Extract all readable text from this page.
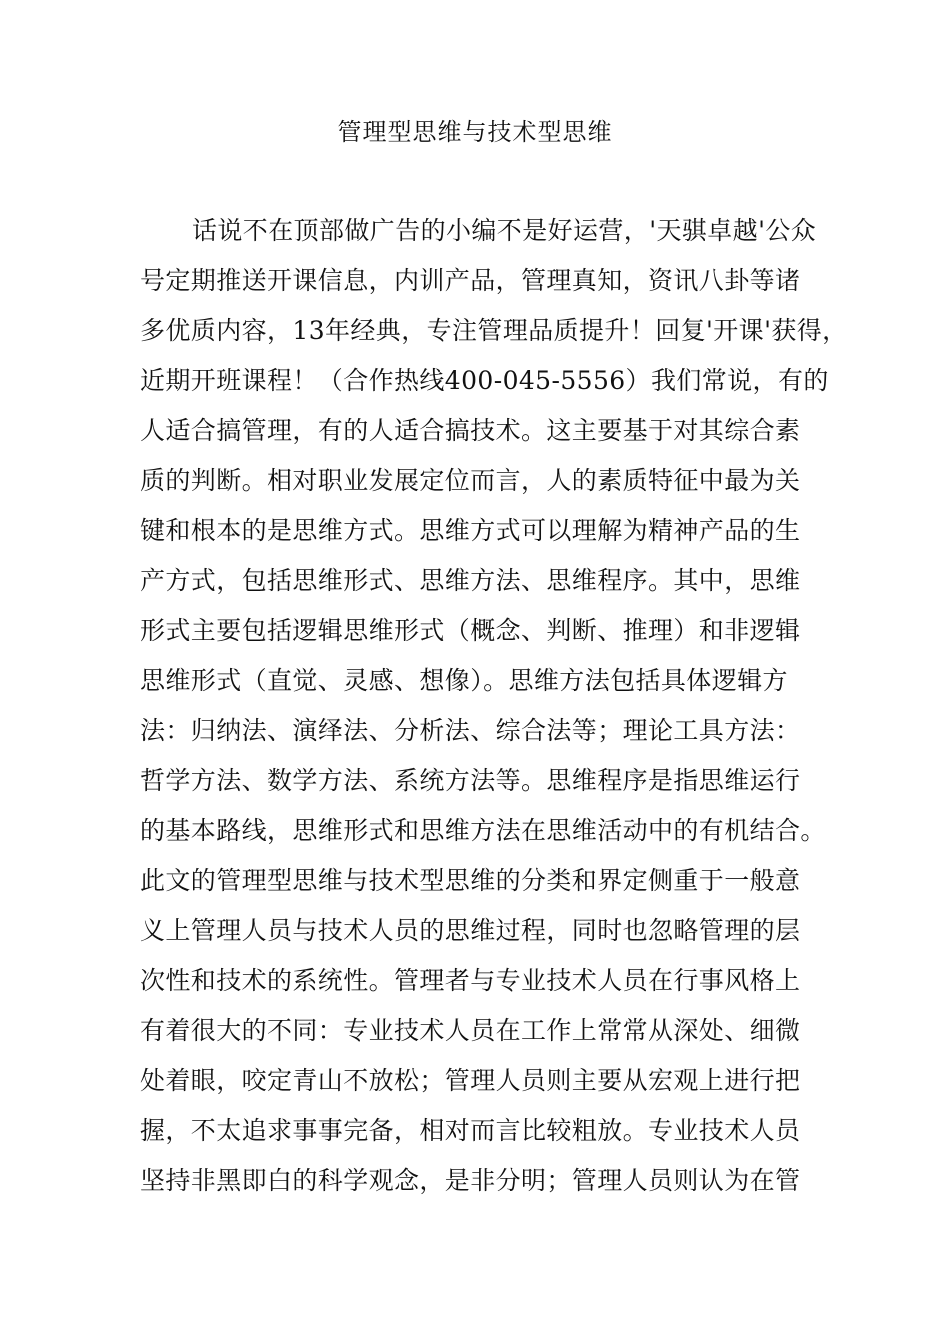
管理型思维与技术型思维
话说不在顶部做广告的小编不是好运营，'天骐卓越'公众
号定期推送开课信息，内训产品，管理真知，资讯八卦等诸
多优质内容，13年经典，专注管理品质提升！回复'开课'获得，
近期开班课程！（合作热线400-045-5556）我们常说，有的
人适合搞管理，有的人适合搞技术。这主要基于对其综合素
质的判断。相对职业发展定位而言，人的素质特征中最为关
键和根本的是思维方式。思维方式可以理解为精神产品的生
产方式，包括思维形式、思维方法、思维程序。其中，思维
形式主要包括逻辑思维形式（概念、判断、推理）和非逻辑
思维形式（直觉、灵感、想像）。思维方法包括具体逻辑方
法：归纳法、演绎法、分析法、综合法等；理论工具方法：
哲学方法、数学方法、系统方法等。思维程序是指思维运行
的基本路线，思维形式和思维方法在思维活动中的有机结合。
此文的管理型思维与技术型思维的分类和界定侧重于一般意
义上管理人员与技术人员的思维过程，同时也忽略管理的层
次性和技术的系统性。管理者与专业技术人员在行事风格上
有着很大的不同：专业技术人员在工作上常常从深处、细微
处着眼，咬定青山不放松；管理人员则主要从宏观上进行把
握，不太追求事事完备，相对而言比较粗放。专业技术人员
坚持非黑即白的科学观念，是非分明；管理人员则认为在管
